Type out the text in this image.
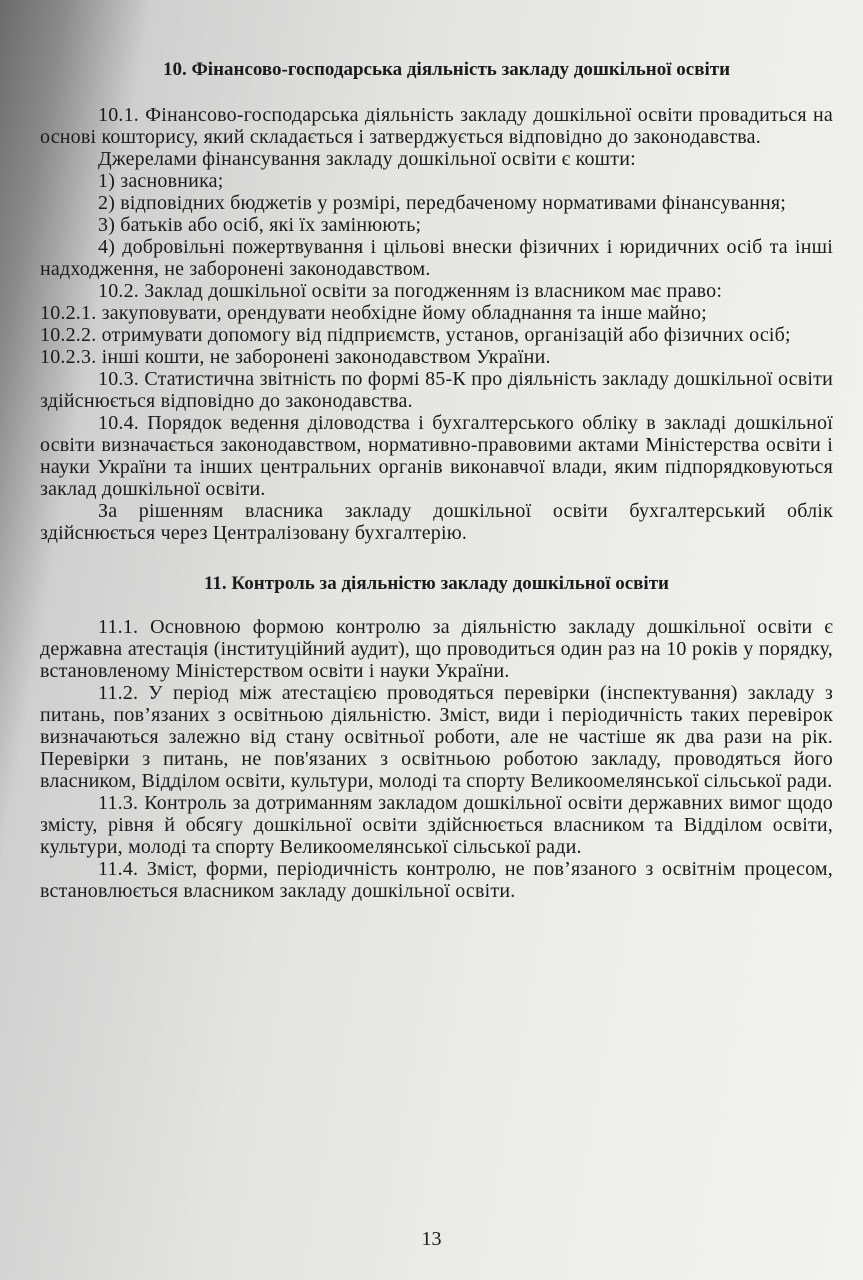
10. Фінансово-господарська діяльність закладу дошкільної освіти

10.1. Фінансово-господарська діяльність закладу дошкільної освіти провадиться на основі кошторису, який складається і затверджується відповідно до законодавства.

Джерелами фінансування закладу дошкільної освіти є кошти:

1) засновника;

2) відповідних бюджетів у розмірі, передбаченому нормативами фінансування;

3) батьків або осіб, які їх замінюють;

4) добровільні пожертвування і цільові внески фізичних і юридичних осіб та інші надходження, не заборонені законодавством.

10.2. Заклад дошкільної освіти за погодженням із власником має право:

10.2.1. закуповувати, орендувати необхідне йому обладнання та інше майно;

10.2.2. отримувати допомогу від підприємств, установ, організацій або фізичних осіб;

10.2.3. інші кошти, не заборонені законодавством України.

10.3. Статистична звітність по формі 85-К про діяльність закладу дошкільної освіти здійснюється відповідно до законодавства.

10.4. Порядок ведення діловодства і бухгалтерського обліку в закладі дошкільної освіти визначається законодавством, нормативно-правовими актами Міністерства освіти і науки України та інших центральних органів виконавчої влади, яким підпорядковуються заклад дошкільної освіти.

За рішенням власника закладу дошкільної освіти бухгалтерський облік здійснюється через Централізовану бухгалтерію.

11. Контроль за діяльністю закладу дошкільної освіти

11.1. Основною формою контролю за діяльністю закладу дошкільної освіти є державна атестація (інституційний аудит), що проводиться один раз на 10 років у порядку, встановленому Міністерством освіти і науки України.

11.2. У період між атестацією проводяться перевірки (інспектування) закладу з питань, пов’язаних з освітньою діяльністю. Зміст, види і періодичність таких перевірок визначаються залежно від стану освітньої роботи, але не частіше як два рази на рік. Перевірки з питань, не пов'язаних з освітньою роботою закладу, проводяться його власником, Відділом освіти, культури, молоді та спорту Великоомелянської сільської ради.

11.3. Контроль за дотриманням закладом дошкільної освіти державних вимог щодо змісту, рівня й обсягу дошкільної освіти здійснюється власником та Відділом освіти, культури, молоді та спорту Великоомелянської сільської ради.

11.4. Зміст, форми, періодичність контролю, не пов’язаного з освітнім процесом, встановлюється власником закладу дошкільної освіти.

13
